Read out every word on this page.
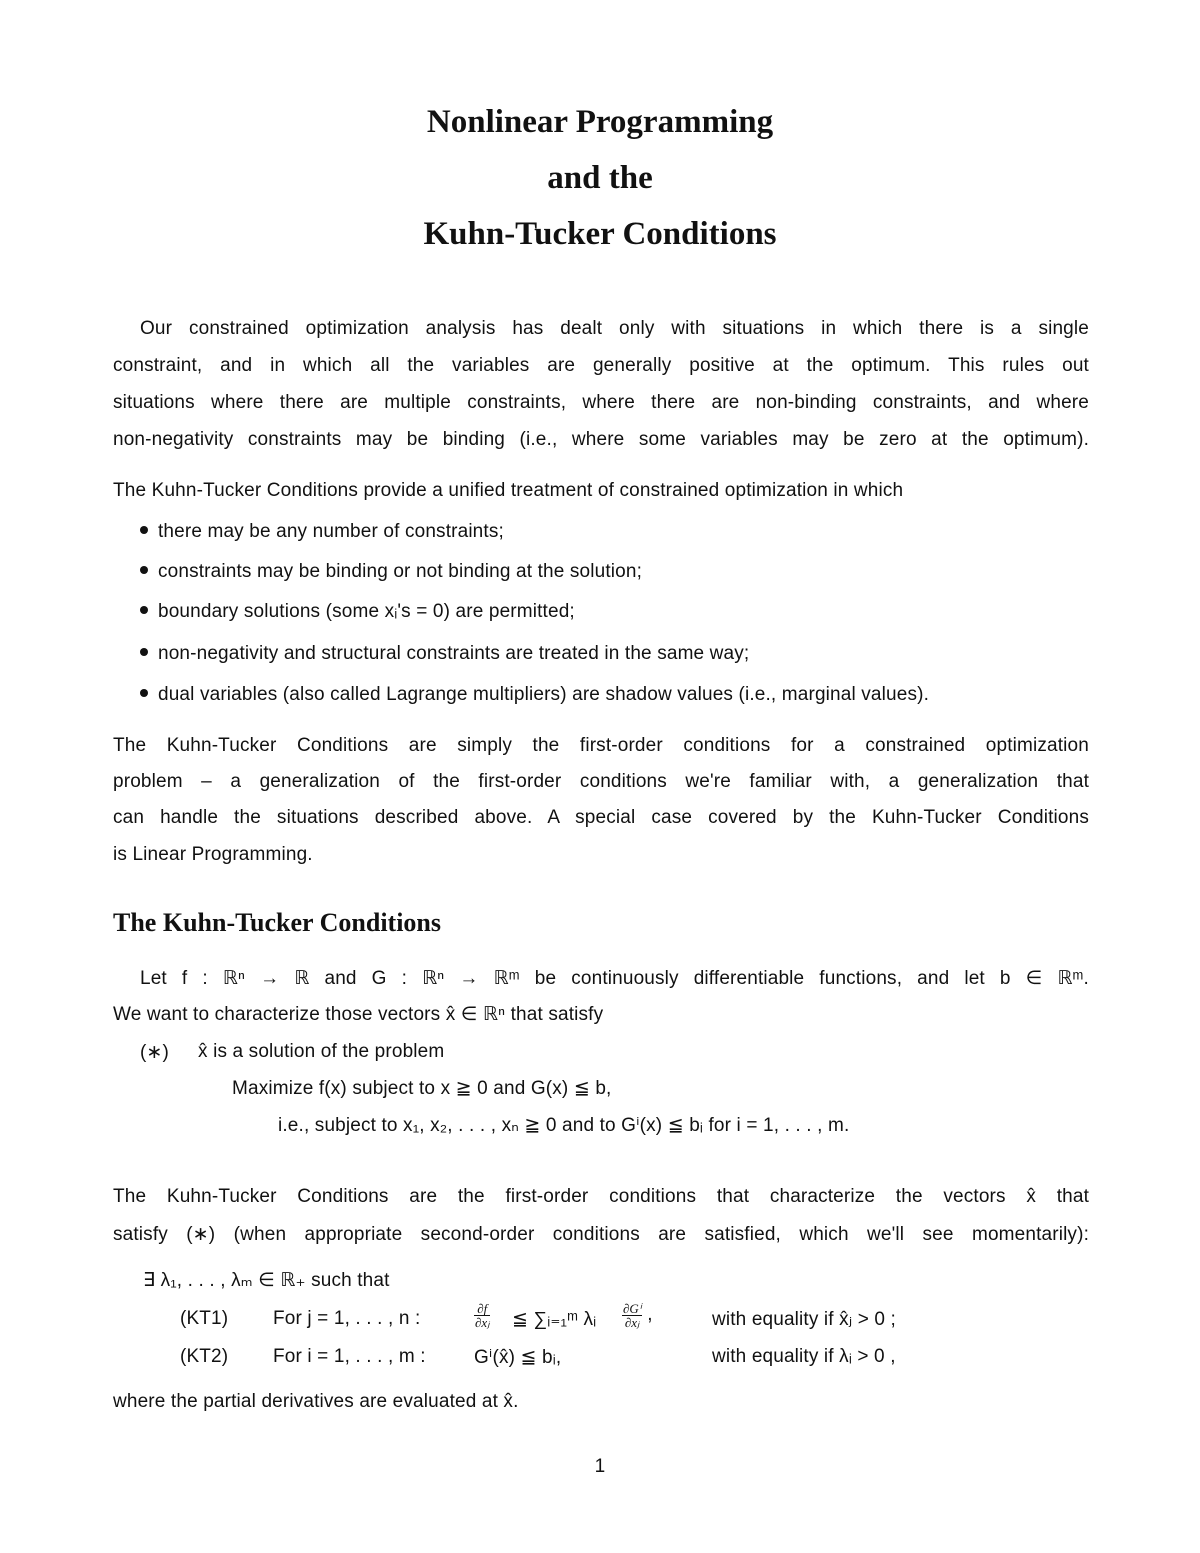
Nonlinear Programming
and the
Kuhn-Tucker Conditions
Our constrained optimization analysis has dealt only with situations in which there is a single
constraint, and in which all the variables are generally positive at the optimum. This rules out
situations where there are multiple constraints, where there are non-binding constraints, and where
non-negativity constraints may be binding (i.e., where some variables may be zero at the optimum).
The Kuhn-Tucker Conditions provide a unified treatment of constrained optimization in which
there may be any number of constraints;
constraints may be binding or not binding at the solution;
boundary solutions (some xᵢ's = 0) are permitted;
non-negativity and structural constraints are treated in the same way;
dual variables (also called Lagrange multipliers) are shadow values (i.e., marginal values).
The Kuhn-Tucker Conditions are simply the first-order conditions for a constrained optimization
problem – a generalization of the first-order conditions we're familiar with, a generalization that
can handle the situations described above. A special case covered by the Kuhn-Tucker Conditions
is Linear Programming.
The Kuhn-Tucker Conditions
Let f : ℝⁿ → ℝ and G : ℝⁿ → ℝᵐ be continuously differentiable functions, and let b ∈ ℝᵐ.
We want to characterize those vectors x̂ ∈ ℝⁿ that satisfy
(∗) x̂ is a solution of the problem
Maximize f(x) subject to x ≧ 0 and G(x) ≦ b,
i.e., subject to x₁, x₂, . . . , xₙ ≧ 0 and to Gⁱ(x) ≦ bᵢ for i = 1, . . . , m.
The Kuhn-Tucker Conditions are the first-order conditions that characterize the vectors x̂ that
satisfy (∗) (when appropriate second-order conditions are satisfied, which we'll see momentarily):
∃ λ₁, . . . , λₘ ∈ ℝ₊ such that
(KT1) For j = 1, . . . , n :	$\frac{\partial f}{\text{∂xⱼ}}$ ≦ ∑ᵢ₌₁ᵐ λᵢ $\frac{\text{∂Gⁱ}}{\text{∂xⱼ}}$ ,	with equality if x̂ⱼ > 0 ;
(KT2) For i = 1, . . . , m :	Gⁱ(x̂) ≦ bᵢ,	with equality if λᵢ > 0 ,
where the partial derivatives are evaluated at x̂.
1
